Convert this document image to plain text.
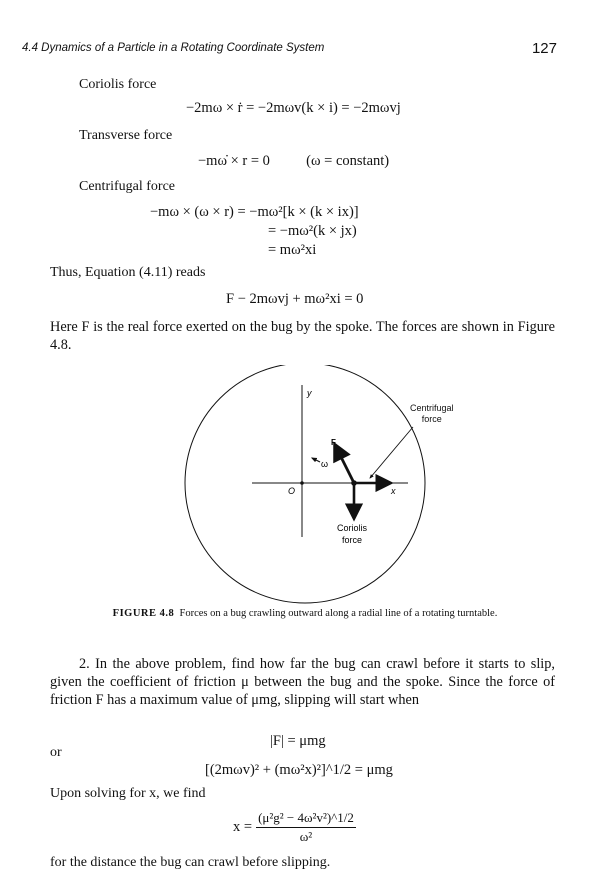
4.4 Dynamics of a Particle in a Rotating Coordinate System	127
Coriolis force
−2mω × ṙ = −2mωv(k × i) = −2mωvj
Transverse force
−mω̇ × r = 0          (ω = constant)
Centrifugal force
−mω × (ω × r) = −mω²[k × (k × ix)]
= −mω²(k × jx)
= mω²xi
Thus, Equation (4.11) reads
F − 2mωvj + mω²xi = 0
Here F is the real force exerted on the bug by the spoke. The forces are shown in Figure 4.8.
y
x
O
F
ω
Coriolis
force
Centrifugal
force
FIGURE 4.8 Forces on a bug crawling outward along a radial line of a rotating turntable.
2. In the above problem, find how far the bug can crawl before it starts to slip, given the coefficient of friction μ between the bug and the spoke. Since the force of friction F has a maximum value of μmg, slipping will start when
|F| = μmg
or
[(2mωv)² + (mω²x)²]^1/2 = μmg
Upon solving for x, we find
$x = \frac{\text{(μ²g² − 4ω²v²)\textasciicircum{}1/2}}{\text{ω²}}$
for the distance the bug can crawl before slipping.
